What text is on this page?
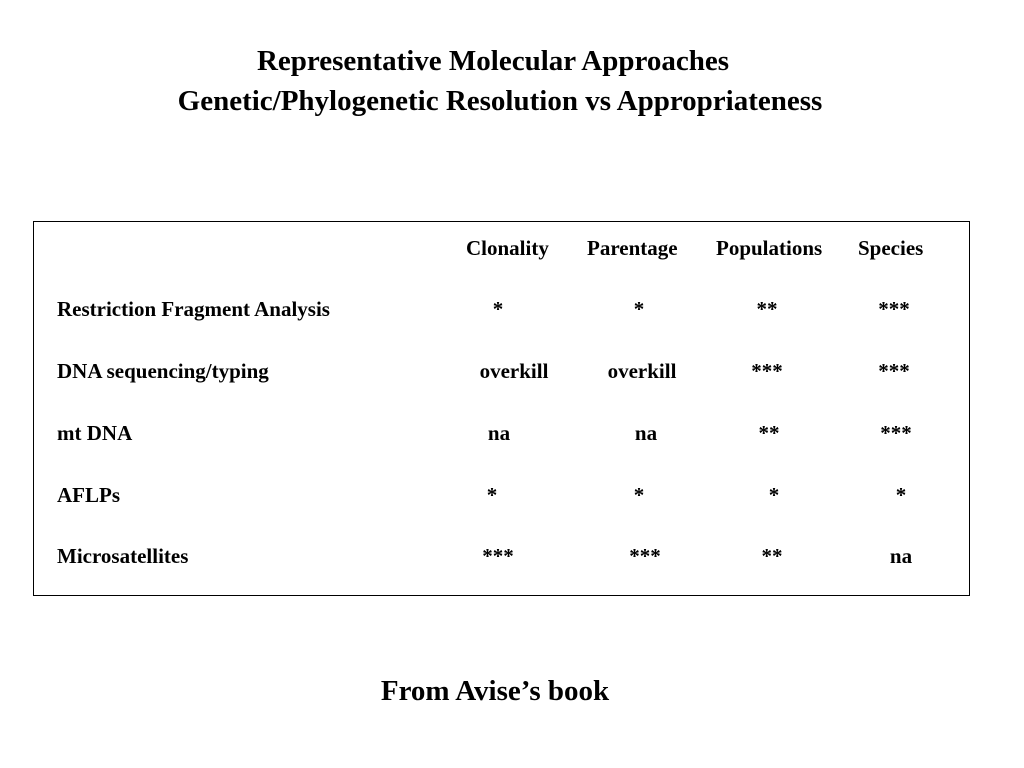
Representative Molecular Approaches
Genetic/Phylogenetic Resolution vs Appropriateness
Clonality Parentage Populations Species
Restriction Fragment Analysis	*	*	**	***
DNA sequencing/typing	overkill	overkill	***	***
mt DNA	na	na	**	***
AFLPs	*	*	*	*
Microsatellites	***	***	**	na

From Avise’s book
